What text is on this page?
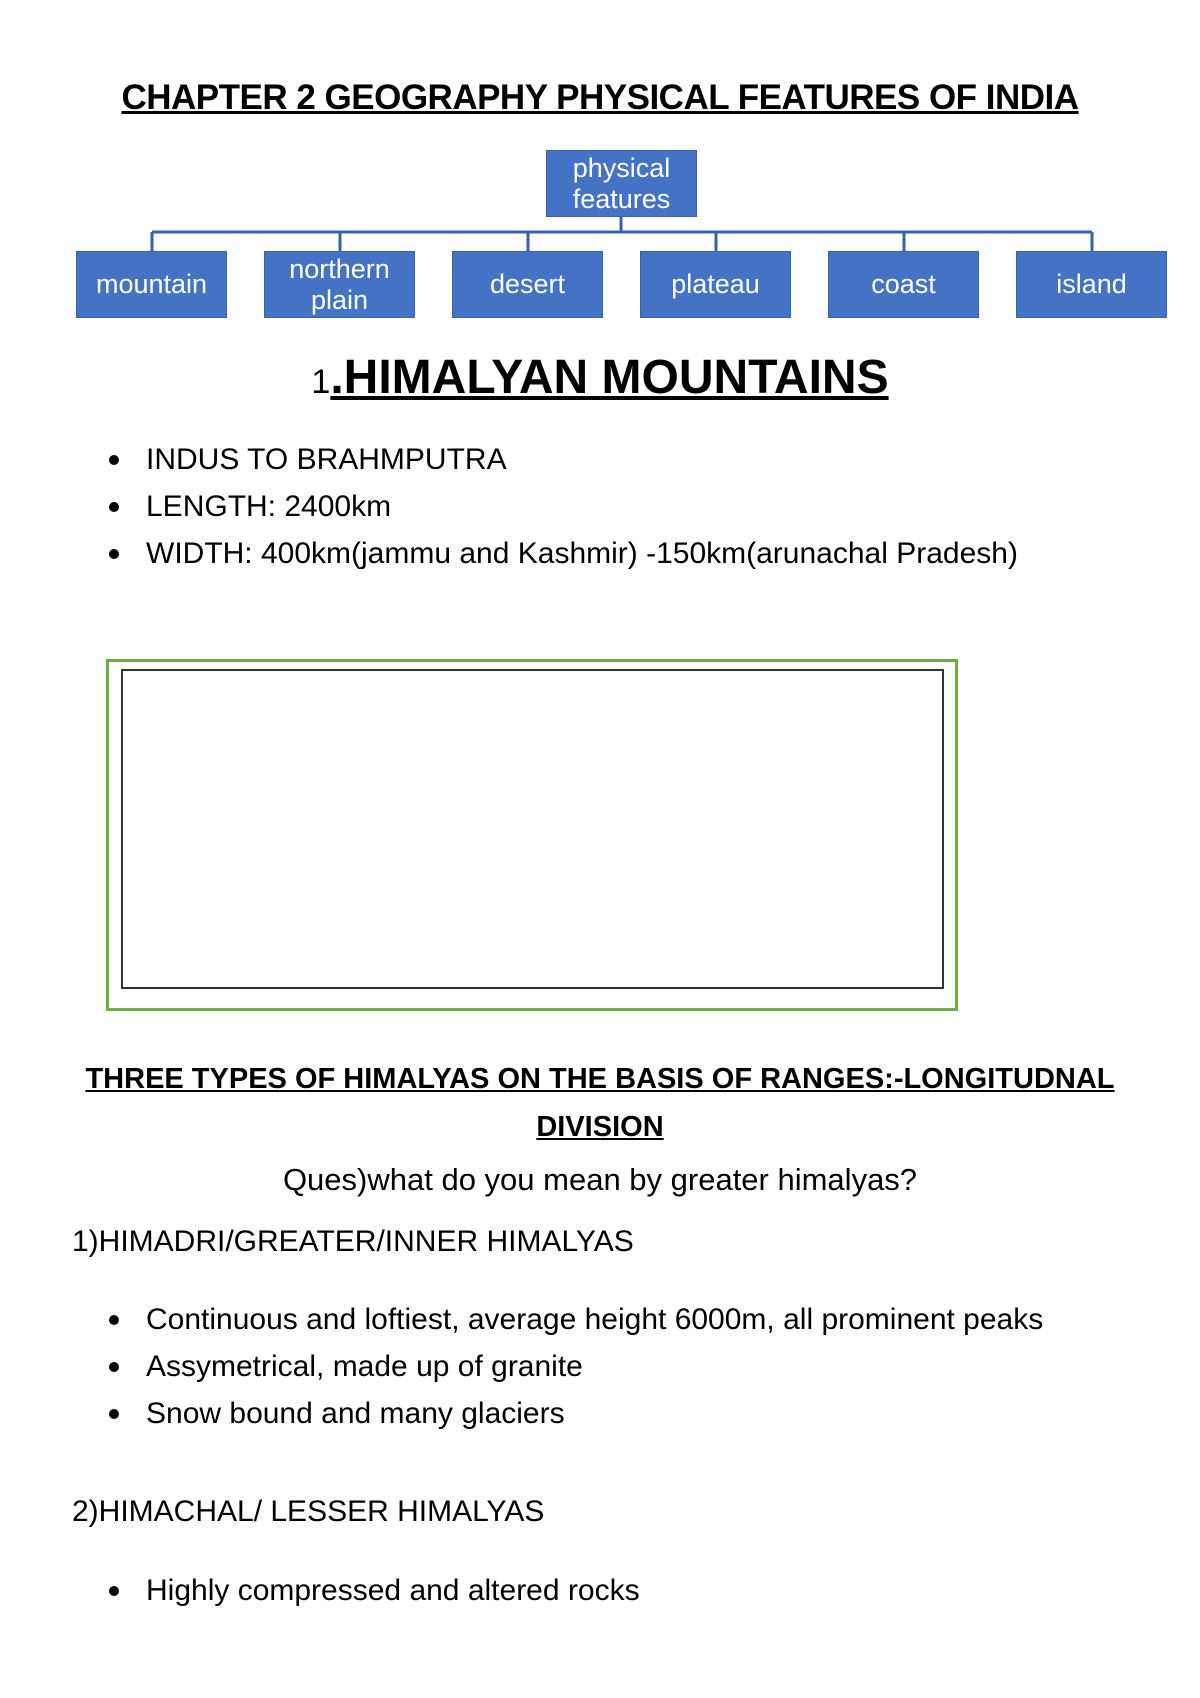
CHAPTER 2 GEOGRAPHY PHYSICAL FEATURES OF INDIA
physical features
mountain
northern plain
desert	plateau	coast	island
1.HIMALYAN MOUNTAINS
INDUS TO BRAHMPUTRA
LENGTH: 2400km
WIDTH: 400km(jammu and Kashmir) -150km(arunachal Pradesh)
THREE TYPES OF HIMALYAS ON THE BASIS OF RANGES:-LONGITUDNAL DIVISION

Ques)what do you mean by greater himalyas?

1)HIMADRI/GREATER/INNER HIMALYAS

Continuous and loftiest, average height 6000m, all prominent peaks
Assymetrical, made up of granite
Snow bound and many glaciers

2)HIMACHAL/ LESSER HIMALYAS

Highly compressed and altered rocks
